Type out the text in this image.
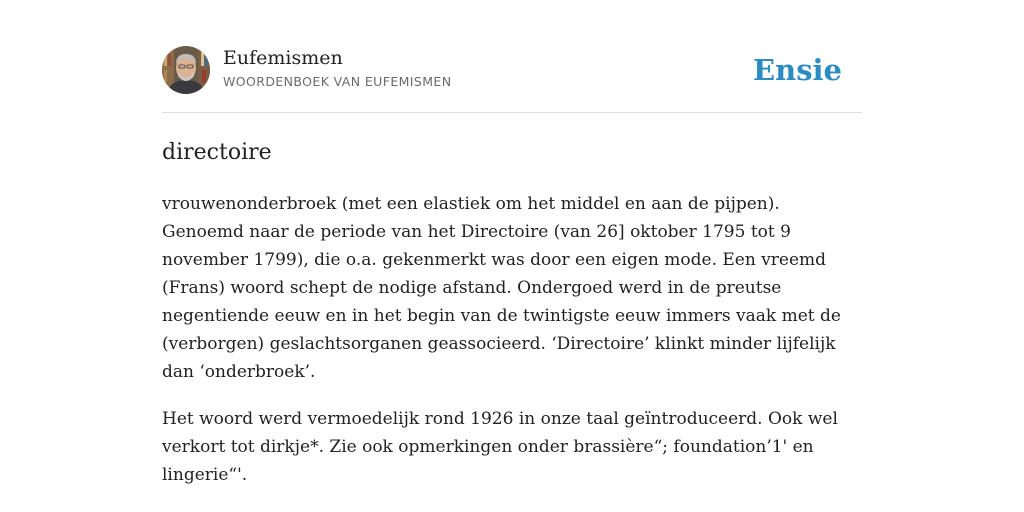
Eufemismen
WOORDENBOEK VAN EUFEMISMEN	Ensie
directoire

vrouwenonderbroek (met een elastiek om het middel en aan de pijpen).
Genoemd naar de periode van het Directoire (van 26] oktober 1795 tot 9
november 1799), die o.a. gekenmerkt was door een eigen mode. Een vreemd
(Frans) woord schept de nodige afstand. Ondergoed werd in de preutse
negentiende eeuw en in het begin van de twintigste eeuw immers vaak met de
(verborgen) geslachtsorganen geassocieerd. ‘Directoire’ klinkt minder lijfelijk
dan ‘onderbroek’.

Het woord werd vermoedelijk rond 1926 in onze taal geïntroduceerd. Ook wel
verkort tot dirkje*. Zie ook opmerkingen onder brassière“; foundation’1' en
lingerie“'.
